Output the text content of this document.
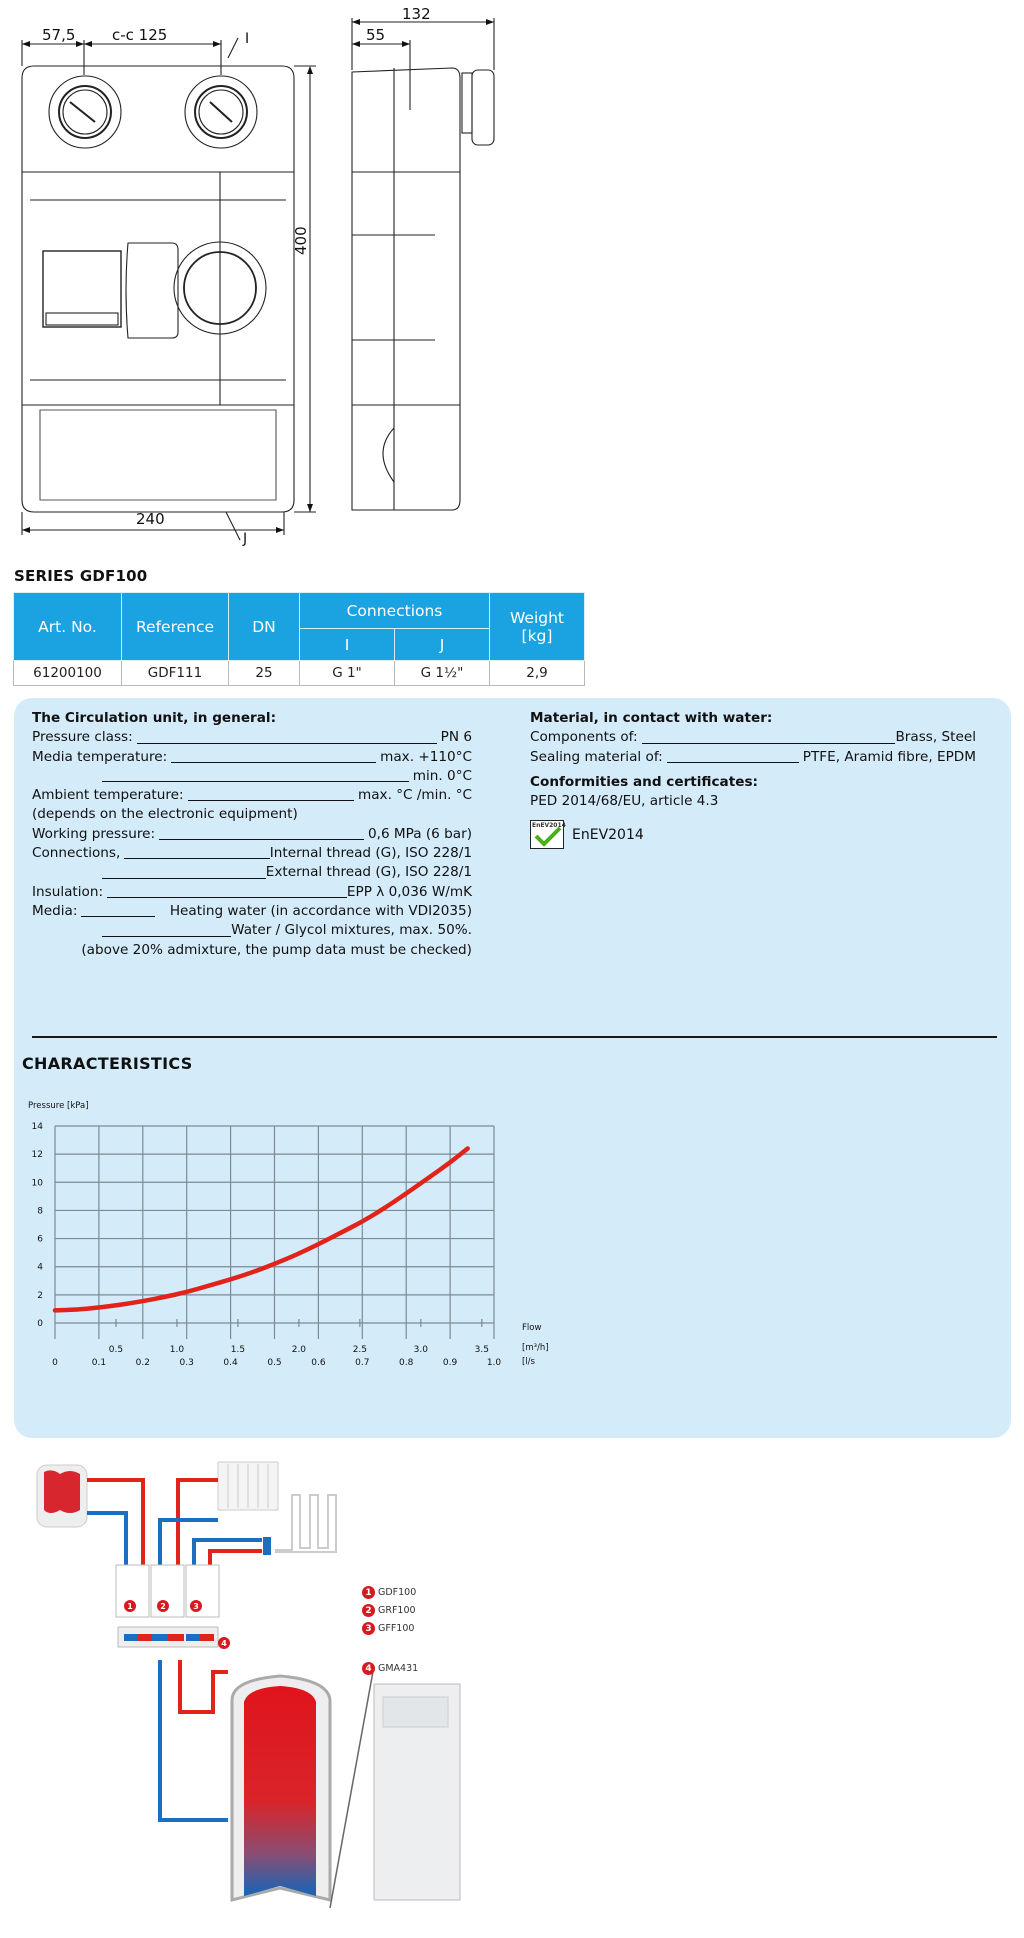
57,5 c-c 125	I
400
240
J
132
55
SERIES GDF100
Art. No.	Reference	DN	Connections		Weight
[kg]
			I	J	
61200100	GDF111	25	G 1"	G 1½"	2,9
The Circulation unit, in general:
Pressure class:	PN 6
Media temperature:	max. +110°C
min. 0°C
Ambient temperature:	max. °C /min. °C
(depends on the electronic equipment)
Working pressure:	0,6 MPa (6 bar)
Connections,	Internal thread (G), ISO 228/1
External thread (G), ISO 228/1
Insulation:	EPP λ 0,036 W/mK
Media:	Heating water (in accordance with VDI2035)
Water / Glycol mixtures, max. 50%.
(above 20% admixture, the pump data must be checked)
Material, in contact with water:
Components of:	Brass, Steel
Sealing material of:	PTFE, Aramid fibre, EPDM
Conformities and certificates:
PED 2014/68/EU, article 4.3
EnEV2014
EnEV2014
CHARACTERISTICS
Pressure [kPa]
0
2
4
6
8
10
12
14
0	0.1	0.2	0.3	0.4	0.5	0.6	0.7	0.8	0.9	1.0
0.5	1.0	1.5	2.0	2.5	3.0	3.5
Flow
[m³/h]
[l/s
1	2	3
4
1 GDF100
2 GRF100
3 GFF100
4 GMA431
